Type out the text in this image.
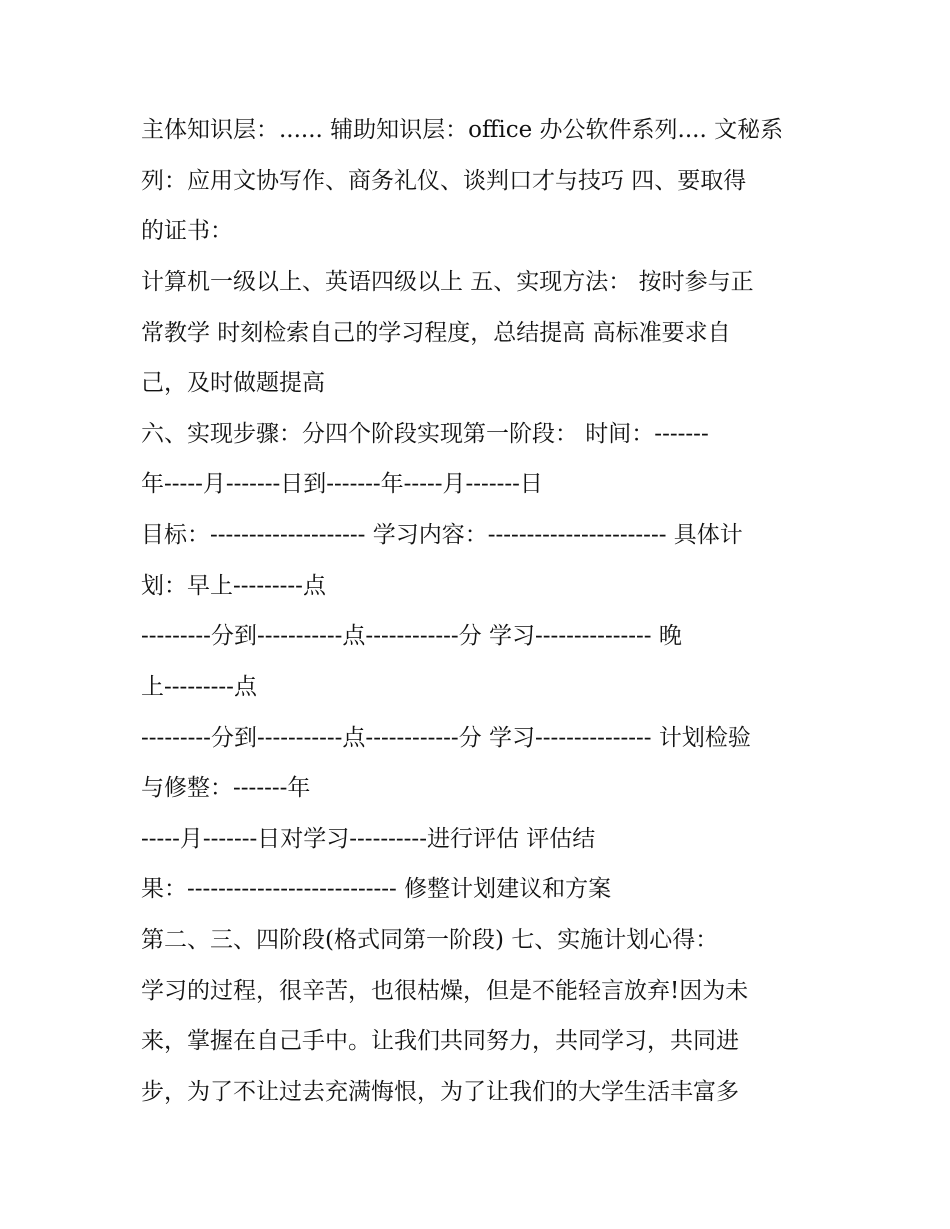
主体知识层：...... 辅助知识层：office 办公软件系列.... 文秘系

列：应用文协写作、商务礼仪、谈判口才与技巧 四、要取得

的证书：

计算机一级以上、英语四级以上 五、实现方法： 按时参与正

常教学 时刻检索自己的学习程度，总结提高 高标准要求自

己，及时做题提高

六、实现步骤：分四个阶段实现第一阶段： 时间：-------

年-----月-------日到-------年-----月-------日

目标：-------------------- 学习内容：----------------------- 具体计

划：早上---------点

---------分到-----------点------------分 学习--------------- 晚

上---------点

---------分到-----------点------------分 学习--------------- 计划检验

与修整：-------年

-----月-------日对学习----------进行评估 评估结

果：--------------------------- 修整计划建议和方案

第二、三、四阶段(格式同第一阶段) 七、实施计划心得：

学习的过程，很辛苦，也很枯燥，但是不能轻言放弃!因为未

来，掌握在自己手中。让我们共同努力，共同学习，共同进

步，为了不让过去充满悔恨，为了让我们的大学生活丰富多
